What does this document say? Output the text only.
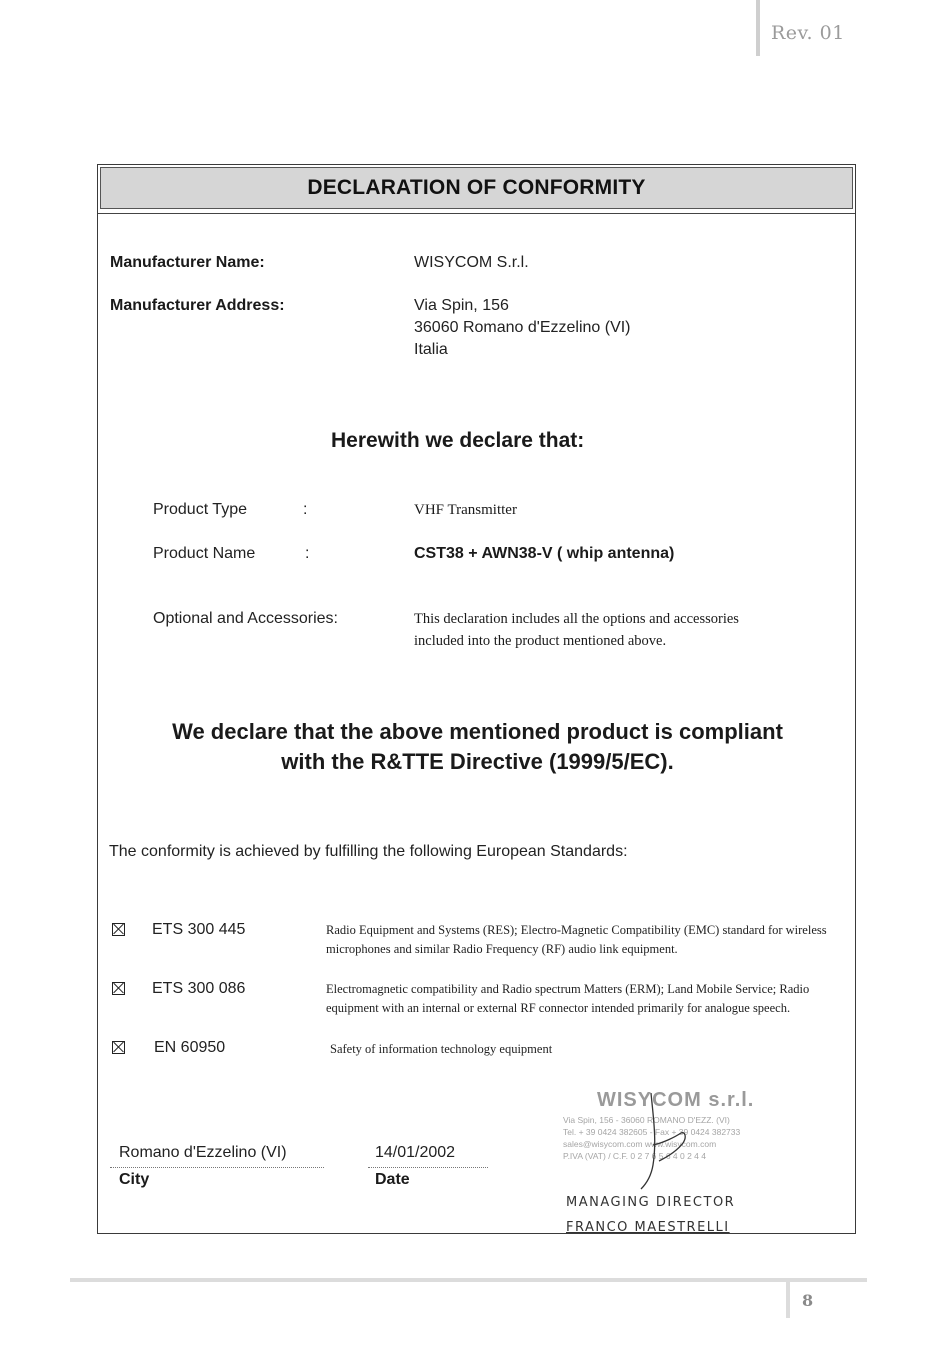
Rev. 01
DECLARATION OF CONFORMITY
Manufacturer Name:	WISYCOM S.r.l.
Manufacturer Address:	Via Spin, 156
36060 Romano d'Ezzelino (VI)
Italia
Herewith we declare that:
Product Type	:	VHF Transmitter
Product Name	:	CST38 + AWN38-V ( whip antenna)
Optional and Accessories:	This declaration includes all the options and accessories
included into the product mentioned above.
We declare that the above mentioned product is compliant
with the R&TTE Directive (1999/5/EC).
The conformity is achieved by fulfilling the following European Standards:
ETS 300 445	Radio Equipment and Systems (RES); Electro-Magnetic Compatibility (EMC) standard for wireless microphones and similar Radio Frequency (RF) audio link equipment.
ETS 300 086	Electromagnetic compatibility and Radio spectrum Matters (ERM); Land Mobile Service; Radio equipment with an internal or external RF connector intended primarily for analogue speech.
EN 60950	Safety of information technology equipment
Romano d'Ezzelino (VI)
City
14/01/2002
Date
WISYCOM s.r.l.
Via Spin, 156 - 36060 ROMANO D'EZZ. (VI)
Tel. + 39 0424 382605 - Fax + 39 0424 382733
sales@wisycom.com www.wisycom.com
P.IVA (VAT) / C.F. 0 2 7 6 5 6 4 0 2 4 4
MANAGING DIRECTOR
FRANCO MAESTRELLI
8
